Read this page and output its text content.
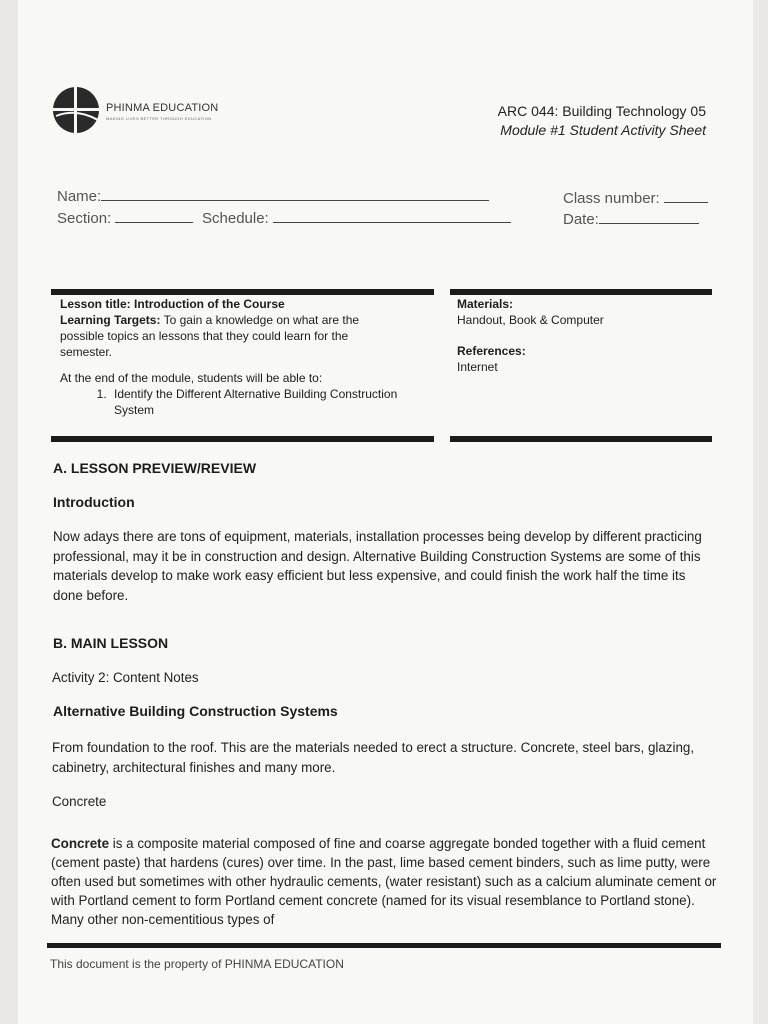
PHINMA EDUCATION
MAKING LIVES BETTER THROUGH EDUCATION	ARC 044: Building Technology 05
Module #1 Student Activity Sheet
Name:
Section:	Schedule:
Class number:
Date:
Lesson title: Introduction of the Course
Learning Targets: To gain a knowledge on what are the
possible topics an lessons that they could learn for the
semester.
At the end of the module, students will be able to:
1. Identify the Different Alternative Building Construction System
Materials:
Handout, Book & Computer
References:
Internet
A. LESSON PREVIEW/REVIEW
Introduction
Now adays there are tons of equipment, materials, installation processes being develop by different practicing professional, may it be in construction and design. Alternative Building Construction Systems are some of this materials develop to make work easy efficient but less expensive, and could finish the work half the time its done before.
B. MAIN LESSON
Activity 2: Content Notes
Alternative Building Construction Systems
From foundation to the roof. This are the materials needed to erect a structure. Concrete, steel bars, glazing, cabinetry, architectural finishes and many more.
Concrete
Concrete is a composite material composed of fine and coarse aggregate bonded together with a fluid cement (cement paste) that hardens (cures) over time. In the past, lime based cement binders, such as lime putty, were often used but sometimes with other hydraulic cements, (water resistant) such as a calcium aluminate cement or with Portland cement to form Portland cement concrete (named for its visual resemblance to Portland stone). Many other non-cementitious types of
This document is the property of PHINMA EDUCATION
